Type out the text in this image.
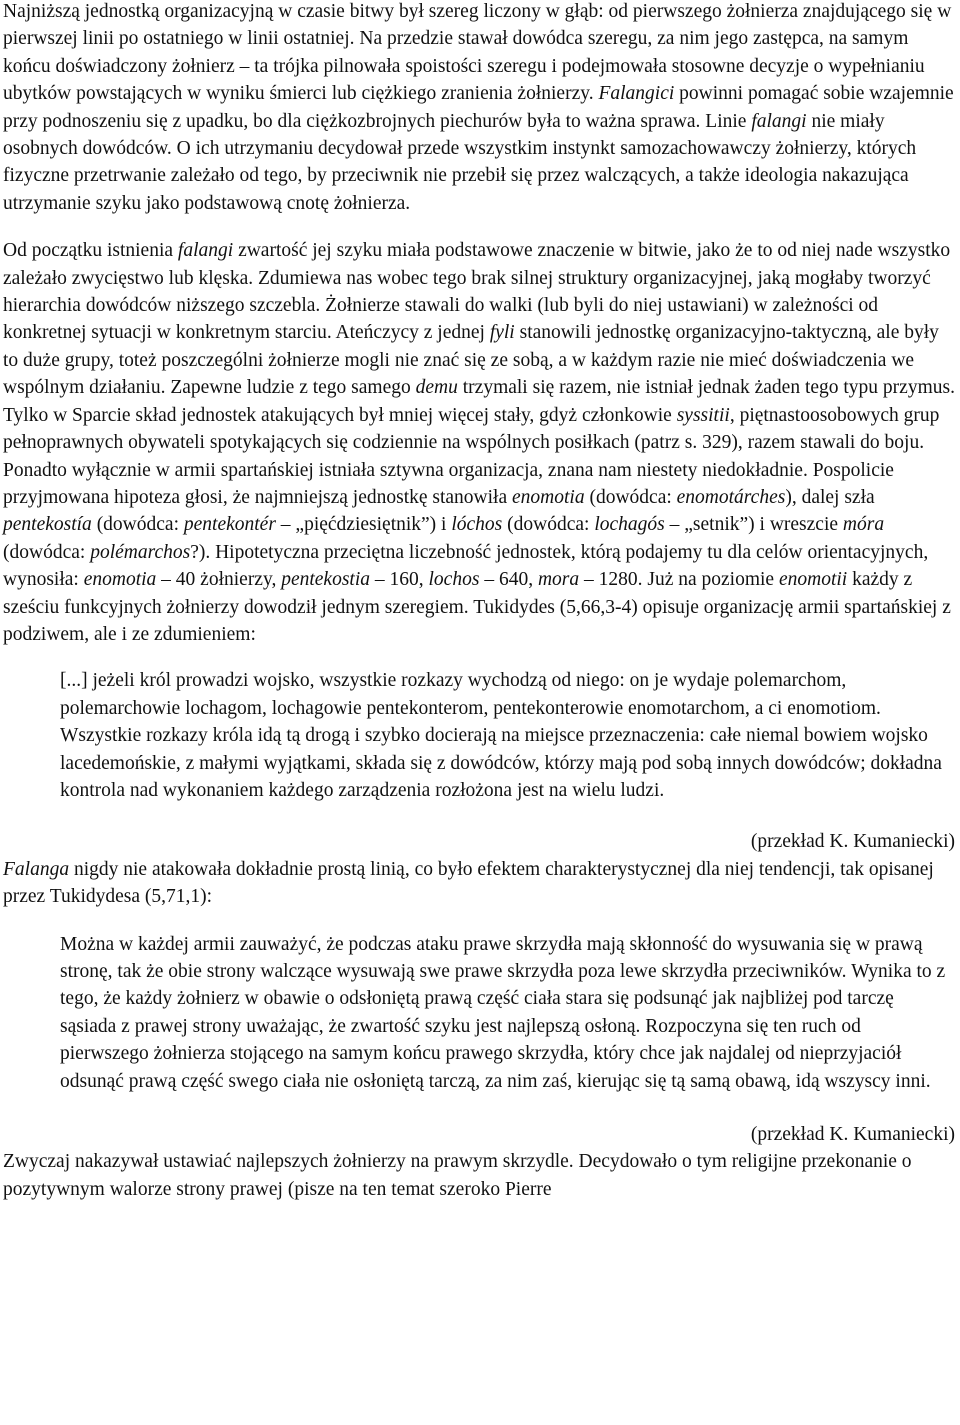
Najniższą jednostką organizacyjną w czasie bitwy był szereg liczony w głąb: od pierwszego żołnierza znajdującego się w pierwszej linii po ostatniego w linii ostatniej. Na przedzie stawał dowódca szeregu, za nim jego zastępca, na samym końcu doświadczony żołnierz – ta trójka pilnowała spoistości szeregu i podejmowała stosowne decyzje o wypełnianiu ubytków powstających w wyniku śmierci lub ciężkiego zranienia żołnierzy. Falangici powinni pomagać sobie wzajemnie przy podnoszeniu się z upadku, bo dla ciężkozbrojnych piechurów była to ważna sprawa. Linie falangi nie miały osobnych dowódców. O ich utrzymaniu decydował przede wszystkim instynkt samozachowawczy żołnierzy, których fizyczne przetrwanie zależało od tego, by przeciwnik nie przebił się przez walczących, a także ideologia nakazująca utrzymanie szyku jako podstawową cnotę żołnierza.

Od początku istnienia falangi zwartość jej szyku miała podstawowe znaczenie w bitwie, jako że to od niej nade wszystko zależało zwycięstwo lub klęska. Zdumiewa nas wobec tego brak silnej struktury organizacyjnej, jaką mogłaby tworzyć hierarchia dowódców niższego szczebla. Żołnierze stawali do walki (lub byli do niej ustawiani) w zależności od konkretnej sytuacji w konkretnym starciu. Ateńczycy z jednej fyli stanowili jednostkę organizacyjno-taktyczną, ale były to duże grupy, toteż poszczególni żołnierze mogli nie znać się ze sobą, a w każdym razie nie mieć doświadczenia we wspólnym działaniu. Zapewne ludzie z tego samego demu trzymali się razem, nie istniał jednak żaden tego typu przymus. Tylko w Sparcie skład jednostek atakujących był mniej więcej stały, gdyż członkowie syssitii, piętnastoosobowych grup pełnoprawnych obywateli spotykających się codziennie na wspólnych posiłkach (patrz s. 329), razem stawali do boju. Ponadto wyłącznie w armii spartańskiej istniała sztywna organizacja, znana nam niestety niedokładnie. Pospolicie przyjmowana hipoteza głosi, że najmniejszą jednostkę stanowiła enomotia (dowódca: enomotárches), dalej szła pentekostía (dowódca: pentekontér – „pięćdziesiętnik”) i lóchos (dowódca: lochagós – „setnik”) i wreszcie móra (dowódca: polémarchos?). Hipotetyczna przeciętna liczebność jednostek, którą podajemy tu dla celów orientacyjnych, wynosiła: enomotia – 40 żołnierzy, pentekostia – 160, lochos – 640, mora – 1280. Już na poziomie enomotii każdy z sześciu funkcyjnych żołnierzy dowodził jednym szeregiem. Tukidydes (5,66,3-4) opisuje organizację armii spartańskiej z podziwem, ale i ze zdumieniem:

[...] jeżeli król prowadzi wojsko, wszystkie rozkazy wychodzą od niego: on je wydaje polemarchom, polemarchowie lochagom, lochagowie pentekonterom, pentekonterowie enomotarchom, a ci enomotiom. Wszystkie rozkazy króla idą tą drogą i szybko docierają na miejsce przeznaczenia: całe niemal bowiem wojsko lacedemońskie, z małymi wyjątkami, składa się z dowódców, którzy mają pod sobą innych dowódców; dokładna kontrola nad wykonaniem każdego zarządzenia rozłożona jest na wielu ludzi.

(przekład K. Kumaniecki)

Falanga nigdy nie atakowała dokładnie prostą linią, co było efektem charakterystycznej dla niej tendencji, tak opisanej przez Tukidydesa (5,71,1):

Można w każdej armii zauważyć, że podczas ataku prawe skrzydła mają skłonność do wysuwania się w prawą stronę, tak że obie strony walczące wysuwają swe prawe skrzydła poza lewe skrzydła przeciwników. Wynika to z tego, że każdy żołnierz w obawie o odsłoniętą prawą część ciała stara się podsunąć jak najbliżej pod tarczę sąsiada z prawej strony uważając, że zwartość szyku jest najlepszą osłoną. Rozpoczyna się ten ruch od pierwszego żołnierza stojącego na samym końcu prawego skrzydła, który chce jak najdalej od nieprzyjaciół odsunąć prawą część swego ciała nie osłoniętą tarczą, za nim zaś, kierując się tą samą obawą, idą wszyscy inni.

(przekład K. Kumaniecki)

Zwyczaj nakazywał ustawiać najlepszych żołnierzy na prawym skrzydle. Decydowało o tym religijne przekonanie o pozytywnym walorze strony prawej (pisze na ten temat szeroko Pierre
